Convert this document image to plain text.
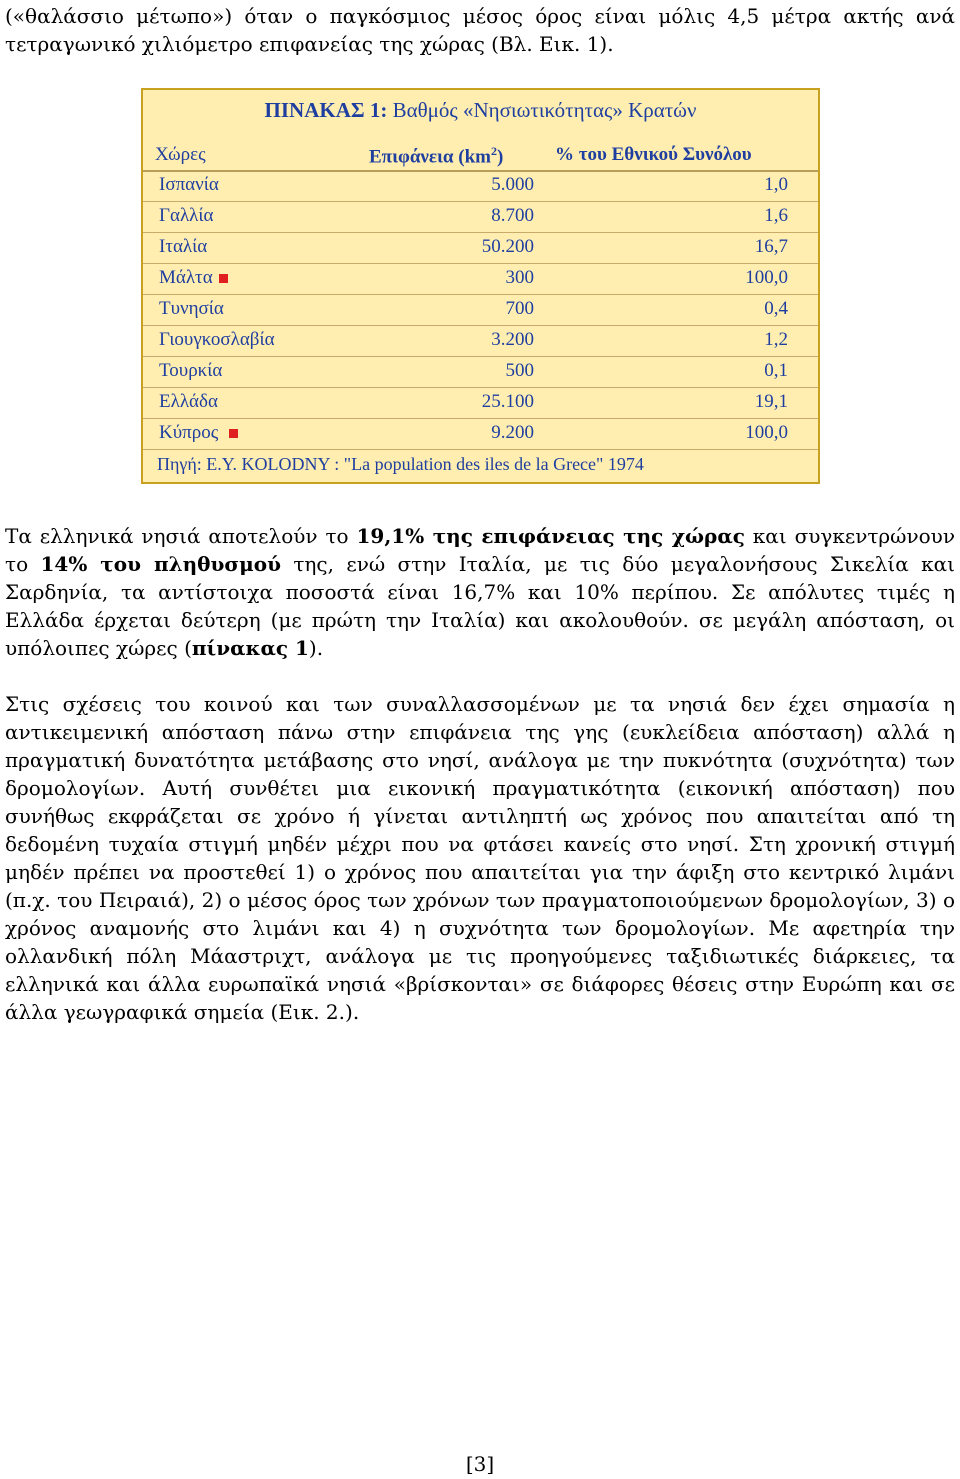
(«θαλάσσιο μέτωπο») όταν ο παγκόσμιος μέσος όρος είναι μόλις 4,5 μέτρα ακτής ανά τετραγωνικό χιλιόμετρο επιφανείας της χώρας (Βλ. Εικ. 1).

ΠΙΝΑΚΑΣ 1: Βαθμός «Νησιωτικότητας» Κρατών
Χώρες	Επιφάνεια $(km^2)$	% του Εθνικού Συνόλου
Ισπανία	5.000	1,0
Γαλλία	8.700	1,6
Ιταλία	50.200	16,7
Μάλτα	300	100,0
Τυνησία	700	0,4
Γιουγκοσλαβία	3.200	1,2
Τουρκία	500	0,1
Ελλάδα	25.100	19,1
Κύπρος	9.200	100,0
Πηγή: E.Y. KOLODNY : "La population des iles de la Grece" 1974

Τα ελληνικά νησιά αποτελούν το 19,1% της επιφάνειας της χώρας και συγκεντρώνουν το 14% του πληθυσμού της, ενώ στην Ιταλία, με τις δύο μεγαλονήσους Σικελία και Σαρδηνία, τα αντίστοιχα ποσοστά είναι 16,7% και 10% περίπου. Σε απόλυτες τιμές η Ελλάδα έρχεται δεύτερη (με πρώτη την Ιταλία) και ακολουθούν. σε μεγάλη απόσταση, οι υπόλοιπες χώρες (πίνακας 1).

Στις σχέσεις του κοινού και των συναλλασσομένων με τα νησιά δεν έχει σημασία η αντικειμενική απόσταση πάνω στην επιφάνεια της γης (ευκλείδεια απόσταση) αλλά η πραγματική δυνατότητα μετάβασης στο νησί, ανάλογα με την πυκνότητα (συχνότητα) των δρομολογίων. Αυτή συνθέτει μια εικονική πραγματικότητα (εικονική απόσταση) που συνήθως εκφράζεται σε χρόνο ή γίνεται αντιληπτή ως χρόνος που απαιτείται από τη δεδομένη τυχαία στιγμή μηδέν μέχρι που να φτάσει κανείς στο νησί. Στη χρονική στιγμή μηδέν πρέπει να προστεθεί 1) ο χρόνος που απαιτείται για την άφιξη στο κεντρικό λιμάνι (π.χ. του Πειραιά), 2) ο μέσος όρος των χρόνων των πραγματοποιούμενων δρομολογίων, 3) ο χρόνος αναμονής στο λιμάνι και 4) η συχνότητα των δρομολογίων. Με αφετηρία την ολλανδική πόλη Μάαστριχτ, ανάλογα με τις προηγούμενες ταξιδιωτικές διάρκειες, τα ελληνικά και άλλα ευρωπαϊκά νησιά «βρίσκονται» σε διάφορες θέσεις στην Ευρώπη και σε άλλα γεωγραφικά σημεία (Εικ. 2.).

[3]
